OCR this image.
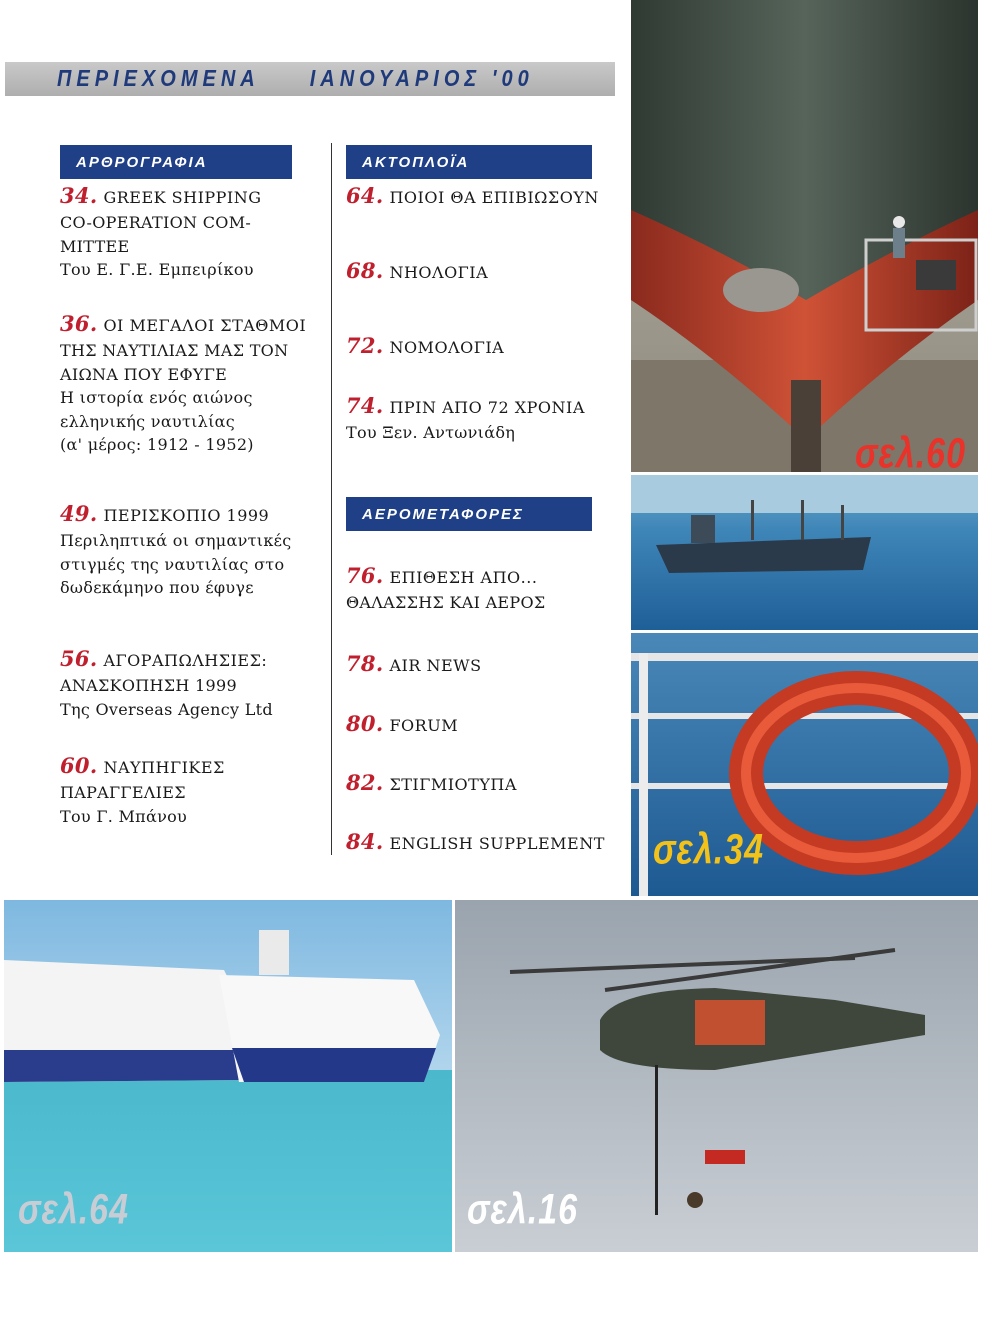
ΠΕΡΙΕΧΟΜΕΝΑ	ΙΑΝΟΥΑΡΙΟΣ '00
ΑΡΘΡΟΓΡΑΦΙΑ
34. GREEK SHIPPING
CO-OPERATION COM-
MITTEE
Του Ε. Γ.Ε. Εμπειρίκου
36. ΟΙ ΜΕΓΑΛΟΙ ΣΤΑΘΜΟΙ
ΤΗΣ ΝΑΥΤΙΛΙΑΣ ΜΑΣ ΤΟΝ
ΑΙΩΝΑ ΠΟΥ ΕΦΥΓΕ
Η ιστορία ενός αιώνος
ελληνικής ναυτιλίας
(α' μέρος: 1912 - 1952)
49. ΠΕΡΙΣΚΟΠΙΟ 1999
Περιληπτικά οι σημαντικές
στιγμές της ναυτιλίας στο
δωδεκάμηνο που έφυγε
56. ΑΓΟΡΑΠΩΛΗΣΙΕΣ:
ΑΝΑΣΚΟΠΗΣΗ 1999
Της Overseas Agency Ltd
60. ΝΑΥΠΗΓΙΚΕΣ
ΠΑΡΑΓΓΕΛΙΕΣ
Του Γ. Μπάνου
ΑΚΤΟΠΛΟΪΑ
64. ΠΟΙΟΙ ΘΑ ΕΠΙΒΙΩΣΟΥΝ
68. ΝΗΟΛΟΓΙΑ
72. ΝΟΜΟΛΟΓΙΑ
74. ΠΡΙΝ ΑΠΟ 72 ΧΡΟΝΙΑ
Του Ξεν. Αντωνιάδη
ΑΕΡΟΜΕΤΑΦΟΡΕΣ
76. ΕΠΙΘΕΣΗ ΑΠΟ...
ΘΑΛΑΣΣΗΣ ΚΑΙ ΑΕΡΟΣ
78. AIR NEWS
80. FORUM
82. ΣΤΙΓΜΙΟΤΥΠΑ
84. ENGLISH SUPPLEMENT
σελ.60
σελ.34
σελ.64	σελ.16
